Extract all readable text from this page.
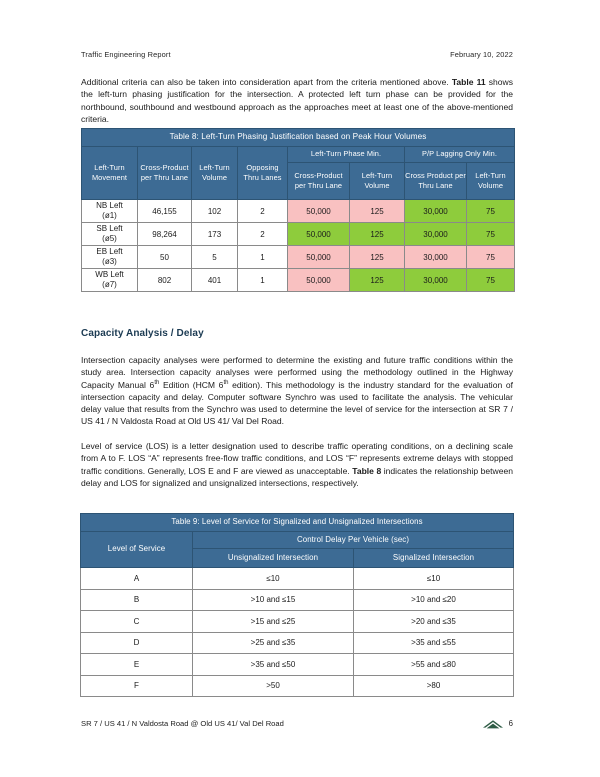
Traffic Engineering Report	February 10, 2022
Additional criteria can also be taken into consideration apart from the criteria mentioned above. Table 11 shows the left-turn phasing justification for the intersection. A protected left turn phase can be provided for the northbound, southbound and westbound approach as the approaches meet at least one of the above-mentioned criteria.
Table 8: Left-Turn Phasing Justification based on Peak Hour Volumes							
Left-Turn Movement	Cross-Product per Thru Lane	Left-Turn Volume	Opposing Thru Lanes	Left-Turn Phase Min.		P/P Lagging Only Min.	
				Cross-Product per Thru Lane	Left-Turn Volume	Cross Product per Thru Lane	Left-Turn Volume
NB Left
(ø1)	46,155	102	2	50,000	125	30,000	75
SB Left
(ø5)	98,264	173	2	50,000	125	30,000	75
EB Left
(ø3)	50	5	1	50,000	125	30,000	75
WB Left
(ø7)	802	401	1	50,000	125	30,000	75
Capacity Analysis / Delay
Intersection capacity analyses were performed to determine the existing and future traffic conditions within the study area. Intersection capacity analyses were performed using the methodology outlined in the Highway Capacity Manual 6th Edition (HCM 6th edition). This methodology is the industry standard for the evaluation of intersection capacity and delay. Computer software Synchro was used to facilitate the analysis. The vehicular delay value that results from the Synchro was used to determine the level of service for the intersection at SR 7 / US 41 / N Valdosta Road at Old US 41/ Val Del Road.
Level of service (LOS) is a letter designation used to describe traffic operating conditions, on a declining scale from A to F. LOS “A” represents free-flow traffic conditions, and LOS “F” represents extreme delays with stopped traffic conditions. Generally, LOS E and F are viewed as unacceptable. Table 8 indicates the relationship between delay and LOS for signalized and unsignalized intersections, respectively.
Table 9: Level of Service for Signalized and Unsignalized Intersections		
Level of Service	Control Delay Per Vehicle (sec)	
	Unsignalized Intersection	Signalized Intersection
A	≤10	≤10
B	>10 and ≤15	>10 and ≤20
C	>15 and ≤25	>20 and ≤35
D	>25 and ≤35	>35 and ≤55
E	>35 and ≤50	>55 and ≤80
F	>50	>80
SR 7 / US 41 / N Valdosta Road @ Old US 41/ Val Del Road	6
